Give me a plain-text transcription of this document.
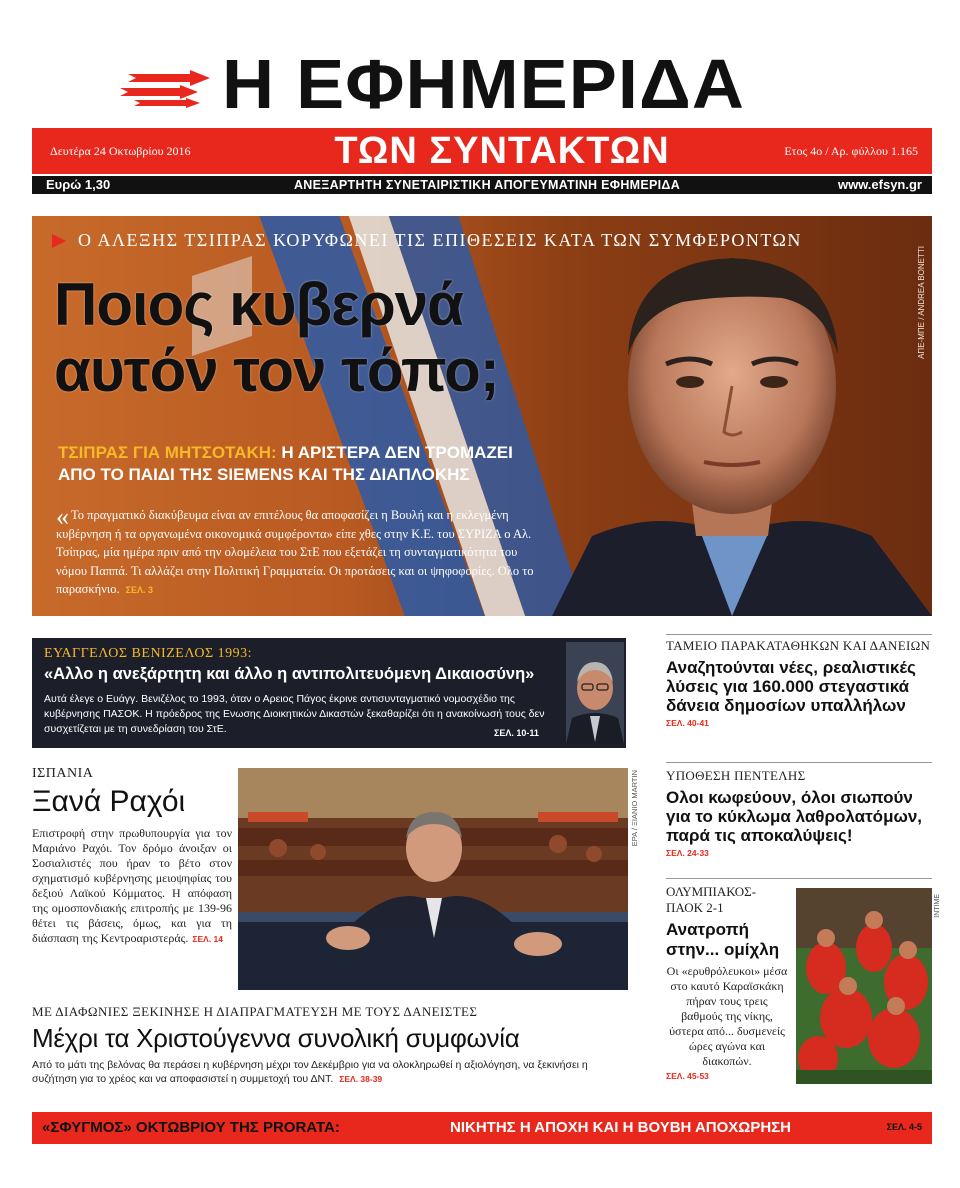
Η ΕΦΗΜΕΡΙΔΑ
Δευτέρα 24 Οκτωβρίου 2016	ΤΩΝ ΣΥΝΤΑΚΤΩΝ	Ετος 4ο / Αρ. φύλλου 1.165
Ευρώ 1,30	ΑΝΕΞΑΡΤΗΤΗ ΣΥΝΕΤΑΙΡΙΣΤΙΚΗ ΑΠΟΓΕΥΜΑΤΙΝΗ ΕΦΗΜΕΡΙΔΑ	www.efsyn.gr
Ο ΑΛΕΞΗΣ ΤΣΙΠΡΑΣ ΚΟΡΥΦΩΝΕΙ ΤΙΣ ΕΠΙΘΕΣΕΙΣ ΚΑΤΑ ΤΩΝ ΣΥΜΦΕΡΟΝΤΩΝ
ΑΠΕ-ΜΠΕ / ΑΝDREA BONETTI
Ποιος κυβερνά
αυτόν τον τόπο;
ΤΣΙΠΡΑΣ ΓΙΑ ΜΗΤΣΟΤΑΚΗ: Η ΑΡΙΣΤΕΡΑ ΔΕΝ ΤΡΟΜΑΖΕΙ
ΑΠΟ ΤΟ ΠΑΙΔΙ ΤΗΣ SIEMENS ΚΑΙ ΤΗΣ ΔΙΑΠΛΟΚΗΣ

« Το πραγματικό διακύβευμα είναι αν επιτέλους θα αποφασίζει η Βουλή και η εκλεγμένη κυβέρνηση ή τα οργανωμένα οικονομικά συμφέροντα» είπε χθες στην Κ.Ε. του ΣΥΡΙΖΑ ο Αλ. Τσίπρας, μία ημέρα πριν από την ολομέλεια του ΣτΕ που εξετάζει τη συνταγματικότητα του νόμου Παππά. Τι αλλάζει στην Πολιτική Γραμματεία. Οι προτάσεις και οι ψηφοφορίες. Ολο το παρασκήνιο. ΣΕΛ. 3

ΕΥΑΓΓΕΛΟΣ ΒΕΝΙΖΕΛΟΣ 1993:
«Αλλο η ανεξάρτητη και άλλο η αντιπολιτευόμενη Δικαιοσύνη»
Αυτά έλεγε ο Ευάγγ. Βενιζέλος το 1993, όταν ο Αρειος Πάγος έκρινε αντισυνταγματικό νομοσχέδιο της κυβέρνησης ΠΑΣΟΚ. Η πρόεδρος της Ενωσης Διοικητικών Δικαστών ξεκαθαρίζει ότι η ανακοίνωσή τους δεν συσχετίζεται με τη συνεδρίαση του ΣτΕ.	ΣΕΛ. 10-11
ΤΑΜΕΙΟ ΠΑΡΑΚΑΤΑΘΗΚΩΝ ΚΑΙ ΔΑΝΕΙΩΝ
Αναζητούνται νέες, ρεαλιστικές λύσεις για 160.000 στεγαστικά δάνεια δημοσίων υπαλλήλων
ΣΕΛ. 40-41
ΥΠΟΘΕΣΗ ΠΕΝΤΕΛΗΣ
Ολοι κωφεύουν, όλοι σιωπούν για το κύκλωμα λαθρολατόμων, παρά τις αποκαλύψεις!
ΣΕΛ. 24-33
ΟΛΥΜΠΙΑΚΟΣ-ΠΑΟΚ 2-1
Ανατροπή στην... ομίχλη
Οι «ερυθρόλευκοι» μέσα στο καυτό Καραϊσκάκη πήραν τους τρεις βαθμούς της νίκης, ύστερα από... δυσμενείς ώρες αγώνα και διακοπών.
ΣΕΛ. 45-53
INTIME
ΙΣΠΑΝΙΑ
Ξανά Ραχόι

Επιστροφή στην πρωθυπουργία για τον Μαριάνο Ραχόι. Τον δρόμο άνοιξαν οι Σοσιαλιστές που ήραν το βέτο στον σχηματισμό κυβέρνησης μειοψηφίας του δεξιού Λαϊκού Κόμματος. Η απόφαση της ομοσπονδιακής επιτροπής με 139-96 θέτει τις βάσεις, όμως, και για τη διάσπαση της Κεντροαριστεράς. ΣΕΛ. 14

EPA / ΞΙΑΝΙΟ MARTIN
ΜΕ ΔΙΑΦΩΝΙΕΣ ΞΕΚΙΝΗΣΕ Η ΔΙΑΠΡΑΓΜΑΤΕΥΣΗ ΜΕ ΤΟΥΣ ΔΑΝΕΙΣΤΕΣ
Μέχρι τα Χριστούγεννα συνολική συμφωνία

Από το μάτι της βελόνας θα περάσει η κυβέρνηση μέχρι τον Δεκέμβριο για να ολοκληρωθεί η αξιολόγηση, να ξεκινήσει η συζήτηση για το χρέος και να αποφασιστεί η συμμετοχή του ΔΝΤ. ΣΕΛ. 38-39

«ΣΦΥΓΜΟΣ» ΟΚΤΩΒΡΙΟΥ ΤΗΣ PRORATA:	ΝΙΚΗΤΗΣ Η ΑΠΟΧΗ ΚΑΙ Η ΒΟΥΒΗ ΑΠΟΧΩΡΗΣΗ	ΣΕΛ. 4-5
